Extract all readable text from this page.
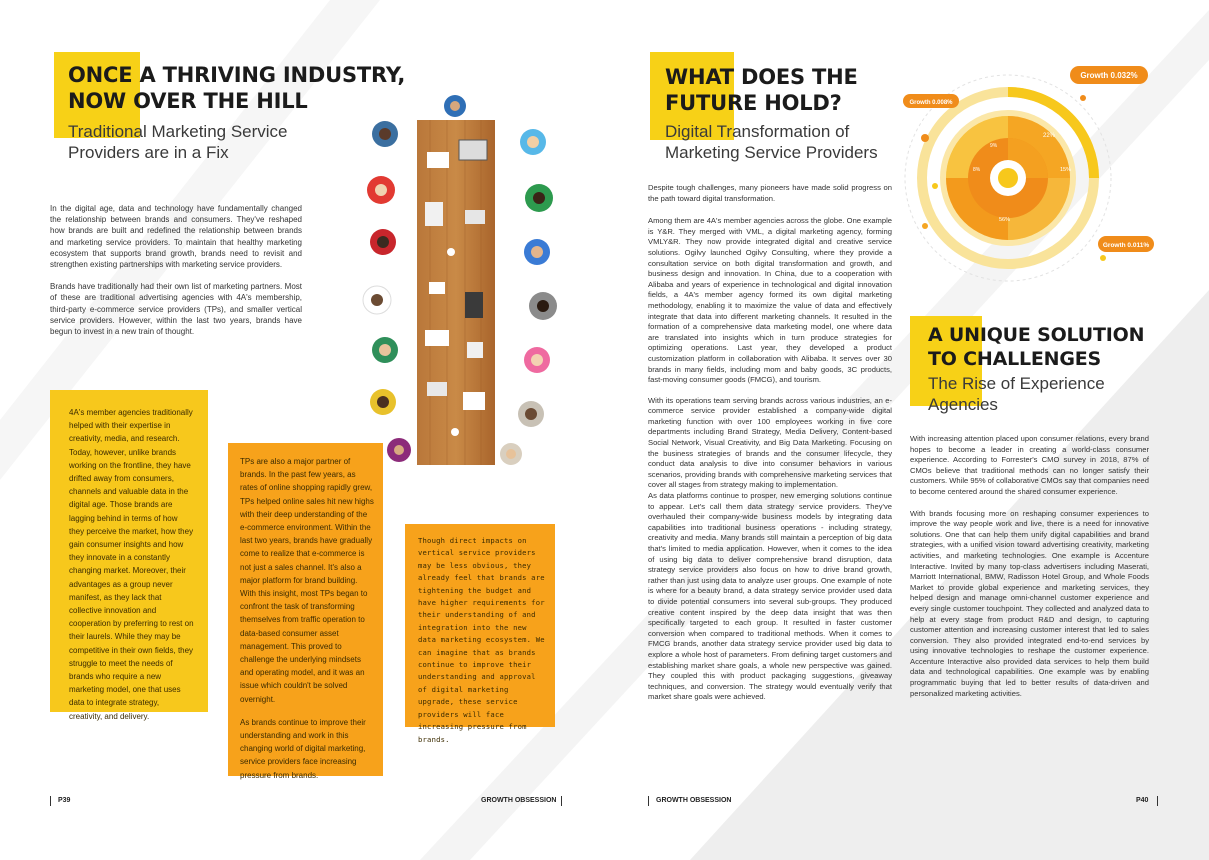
ONCE A THRIVING INDUSTRY,
NOW OVER THE HILL
Traditional Marketing Service
Providers are in a Fix

In the digital age, data and technology have fundamentally changed the relationship between brands and consumers. They've reshaped how brands are built and redefined the relationship between brands and marketing service providers. To maintain that healthy marketing ecosystem that supports brand growth, brands need to revisit and strengthen existing partnerships with marketing service providers.

Brands have traditionally had their own list of marketing partners. Most of these are traditional advertising agencies with 4A's membership, third-party e-commerce service providers (TPs), and smaller vertical service providers. However, within the last two years, brands have begun to invest in a new train of thought.

4A's member agencies traditionally helped with their expertise in creativity, media, and research. Today, however, unlike brands working on the frontline, they have drifted away from consumers, channels and valuable data in the digital age. Those brands are lagging behind in terms of how they perceive the market, how they gain consumer insights and how they innovate in a constantly changing market. Moreover, their advantages as a group never manifest, as they lack that collective innovation and cooperation by preferring to rest on their laurels. While they may be competitive in their own fields, they struggle to meet the needs of brands who require a new marketing model, one that uses data to integrate strategy, creativity, and delivery.
TPs are also a major partner of brands. In the past few years, as rates of online shopping rapidly grew, TPs helped online sales hit new highs with their deep understanding of the e-commerce environment. Within the last two years, brands have gradually come to realize that e-commerce is not just a sales channel. It's also a major platform for brand building. With this insight, most TPs began to confront the task of transforming themselves from traffic operation to data-based consumer asset management. This proved to challenge the underlying mindsets and operating model, and it was an issue which couldn't be solved overnight.
As brands continue to improve their understanding and work in this changing world of digital marketing, service providers face increasing pressure from brands.
Though direct impacts on vertical service providers may be less obvious, they already feel that brands are tightening the budget and have higher requirements for their understanding of and integration into the new data marketing ecosystem. We can imagine that as brands continue to improve their understanding and approval of digital marketing upgrade, these service providers will face increasing pressure from brands.
P39	GROWTH OBSESSION
WHAT DOES THE
FUTURE HOLD?
Digital Transformation of
Marketing Service Providers

Despite tough challenges, many pioneers have made solid progress on the path toward digital transformation.

Among them are 4A's member agencies across the globe. One example is Y&R. They merged with VML, a digital marketing agency, forming VMLY&R. They now provide integrated digital and creative service solutions. Ogilvy launched Ogilvy Consulting, where they provide a consultation service on both digital transformation and growth, and business design and innovation. In China, due to a cooperation with Alibaba and years of experience in technological and digital innovation fields, a 4A's member agency formed its own digital marketing methodology, enabling it to maximize the value of data and effectively integrate that data into different marketing channels. It resulted in the formation of a comprehensive data marketing model, one where data are translated into insights which in turn produce strategies for optimizing operations. Last year, they developed a product customization platform in collaboration with Alibaba. It serves over 30 brands in many fields, including mom and baby goods, 3C products, fast-moving consumer goods (FMCG), and tourism.

With its operations team serving brands across various industries, an e-commerce service provider established a company-wide digital marketing function with over 100 employees working in five core departments including Brand Strategy, Media Delivery, Content-based Social Network, Visual Creativity, and Big Data Marketing. Focusing on the business strategies of brands and the consumer lifecycle, they conduct data analysis to dive into consumer behaviors in various scenarios, providing brands with comprehensive marketing services that cover all stages from strategy making to implementation.

As data platforms continue to prosper, new emerging solutions continue to appear. Let's call them data strategy service providers. They've overhauled their company-wide business models by integrating data capabilities into traditional business operations - including strategy, creativity and media. Many brands still maintain a perception of big data that's limited to media application. However, when it comes to the idea of using big data to deliver comprehensive brand disruption, data strategy service providers also focus on how to drive brand growth, rather than just using data to analyze user groups. One example of note is where for a beauty brand, a data strategy service provider used data to divide potential consumers into several sub-groups. They produced creative content inspired by the deep data insight that was then specifically targeted to each group. It resulted in faster customer conversion when compared to traditional methods. When it comes to FMCG brands, another data strategy service provider used big data to explore a whole host of parameters. From defining target customers and establishing market share goals, a whole new perspective was gained. They coupled this with product packaging suggestions, giveaway techniques, and conversion. The strategy would eventually verify that market share goals were achieved.

Growth 0.032%
Growth 0.008%
Growth 0.011%
22%
9%
8%	15%
56%
A UNIQUE SOLUTION
TO CHALLENGES
The Rise of Experience
Agencies

With increasing attention placed upon consumer relations, every brand hopes to become a leader in creating a world-class consumer experience. According to Forrester's CMO survey in 2018, 87% of CMOs believe that traditional methods can no longer satisfy their customers. While 95% of collaborative CMOs say that companies need to become centered around the shared consumer experience.

With brands focusing more on reshaping consumer experiences to improve the way people work and live, there is a need for innovative solutions. One that can help them unify digital capabilities and brand strategies, with a unified vision toward advertising creativity, marketing activities, and marketing technologies. One example is Accenture Interactive. Invited by many top-class advertisers including Maserati, Marriott International, BMW, Radisson Hotel Group, and Whole Foods Market to provide global experience and marketing services, they helped design and manage omni-channel customer experience and every single customer touchpoint. They collected and analyzed data to help at every stage from product R&D and design, to capturing customer attention and increasing customer interest that led to sales conversion. They also provided integrated end-to-end services by using innovative technologies to reshape the customer experience. Accenture Interactive also provided data services to help them build data and technological capabilities. One example was by enabling programmatic buying that led to better results of data-driven and personalized marketing activities.

GROWTH OBSESSION	P40
